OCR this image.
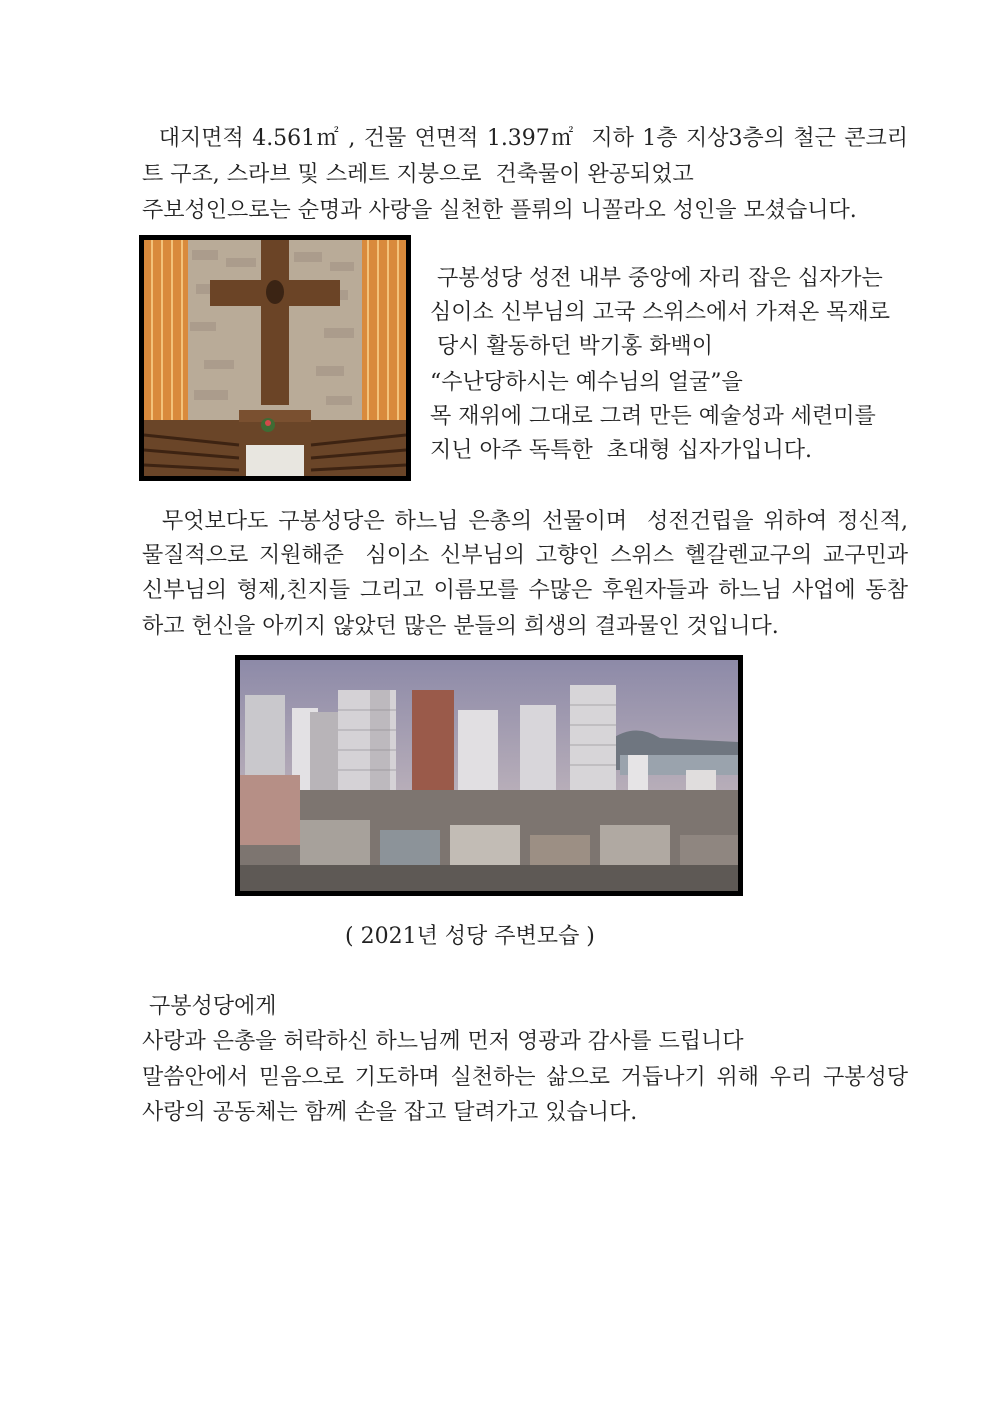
대지면적 4.561㎡ , 건물 연면적 1.397㎡  지하 1층 지상3층의 철근 콘크리
트 구조, 스라브 및 스레트 지붕으로  건축물이 완공되었고
주보성인으로는 순명과 사랑을 실천한 플뤼의 니꼴라오 성인을 모셨습니다.
구봉성당 성전 내부 중앙에 자리 잡은 십자가는
심이소 신부님의 고국 스위스에서 가져온 목재로
당시 활동하던 박기홍 화백이
“수난당하시는 예수님의 얼굴”을
목 재위에 그대로 그려 만든 예술성과 세련미를
지닌 아주 독특한  초대형 십자가입니다.
무엇보다도 구봉성당은 하느님 은총의 선물이며  성전건립을 위하여 정신적,
물질적으로 지원해준  심이소 신부님의 고향인 스위스 헬갈렌교구의 교구민과
신부님의 형제,친지들 그리고 이름모를 수많은 후원자들과 하느님 사업에 동참
하고 헌신을 아끼지 않았던 많은 분들의 희생의 결과물인 것입니다.
( 2021년 성당 주변모습 )
구봉성당에게
사랑과 은총을 허락하신 하느님께 먼저 영광과 감사를 드립니다
말씀안에서 믿음으로 기도하며 실천하는 삶으로 거듭나기 위해 우리 구봉성당
사랑의 공동체는 함께 손을 잡고 달려가고 있습니다.
